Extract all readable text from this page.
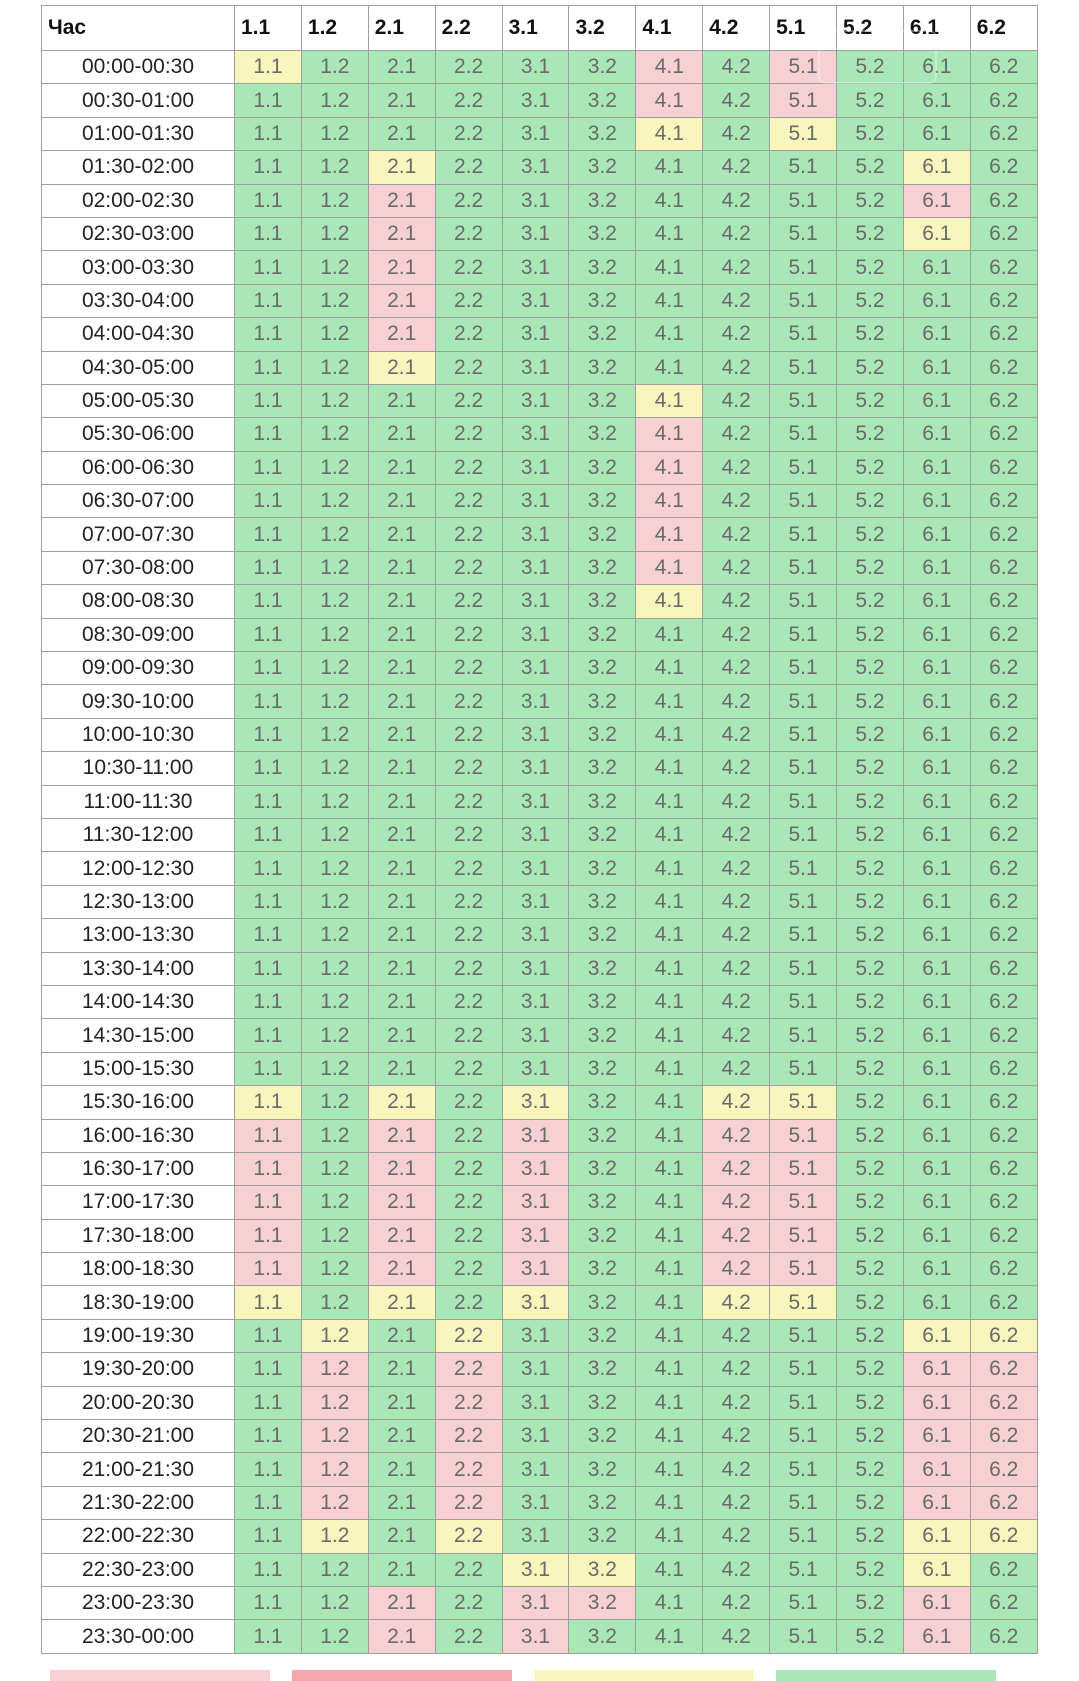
Час	1.1	1.2	2.1	2.2	3.1	3.2	4.1	4.2	5.1	5.2	6.1	6.2
00:00-00:30	1.1	1.2	2.1	2.2	3.1	3.2	4.1	4.2	5.1	5.2	6.1	6.2
00:30-01:00	1.1	1.2	2.1	2.2	3.1	3.2	4.1	4.2	5.1	5.2	6.1	6.2
01:00-01:30	1.1	1.2	2.1	2.2	3.1	3.2	4.1	4.2	5.1	5.2	6.1	6.2
01:30-02:00	1.1	1.2	2.1	2.2	3.1	3.2	4.1	4.2	5.1	5.2	6.1	6.2
02:00-02:30	1.1	1.2	2.1	2.2	3.1	3.2	4.1	4.2	5.1	5.2	6.1	6.2
02:30-03:00	1.1	1.2	2.1	2.2	3.1	3.2	4.1	4.2	5.1	5.2	6.1	6.2
03:00-03:30	1.1	1.2	2.1	2.2	3.1	3.2	4.1	4.2	5.1	5.2	6.1	6.2
03:30-04:00	1.1	1.2	2.1	2.2	3.1	3.2	4.1	4.2	5.1	5.2	6.1	6.2
04:00-04:30	1.1	1.2	2.1	2.2	3.1	3.2	4.1	4.2	5.1	5.2	6.1	6.2
04:30-05:00	1.1	1.2	2.1	2.2	3.1	3.2	4.1	4.2	5.1	5.2	6.1	6.2
05:00-05:30	1.1	1.2	2.1	2.2	3.1	3.2	4.1	4.2	5.1	5.2	6.1	6.2
05:30-06:00	1.1	1.2	2.1	2.2	3.1	3.2	4.1	4.2	5.1	5.2	6.1	6.2
06:00-06:30	1.1	1.2	2.1	2.2	3.1	3.2	4.1	4.2	5.1	5.2	6.1	6.2
06:30-07:00	1.1	1.2	2.1	2.2	3.1	3.2	4.1	4.2	5.1	5.2	6.1	6.2
07:00-07:30	1.1	1.2	2.1	2.2	3.1	3.2	4.1	4.2	5.1	5.2	6.1	6.2
07:30-08:00	1.1	1.2	2.1	2.2	3.1	3.2	4.1	4.2	5.1	5.2	6.1	6.2
08:00-08:30	1.1	1.2	2.1	2.2	3.1	3.2	4.1	4.2	5.1	5.2	6.1	6.2
08:30-09:00	1.1	1.2	2.1	2.2	3.1	3.2	4.1	4.2	5.1	5.2	6.1	6.2
09:00-09:30	1.1	1.2	2.1	2.2	3.1	3.2	4.1	4.2	5.1	5.2	6.1	6.2
09:30-10:00	1.1	1.2	2.1	2.2	3.1	3.2	4.1	4.2	5.1	5.2	6.1	6.2
10:00-10:30	1.1	1.2	2.1	2.2	3.1	3.2	4.1	4.2	5.1	5.2	6.1	6.2
10:30-11:00	1.1	1.2	2.1	2.2	3.1	3.2	4.1	4.2	5.1	5.2	6.1	6.2
11:00-11:30	1.1	1.2	2.1	2.2	3.1	3.2	4.1	4.2	5.1	5.2	6.1	6.2
11:30-12:00	1.1	1.2	2.1	2.2	3.1	3.2	4.1	4.2	5.1	5.2	6.1	6.2
12:00-12:30	1.1	1.2	2.1	2.2	3.1	3.2	4.1	4.2	5.1	5.2	6.1	6.2
12:30-13:00	1.1	1.2	2.1	2.2	3.1	3.2	4.1	4.2	5.1	5.2	6.1	6.2
13:00-13:30	1.1	1.2	2.1	2.2	3.1	3.2	4.1	4.2	5.1	5.2	6.1	6.2
13:30-14:00	1.1	1.2	2.1	2.2	3.1	3.2	4.1	4.2	5.1	5.2	6.1	6.2
14:00-14:30	1.1	1.2	2.1	2.2	3.1	3.2	4.1	4.2	5.1	5.2	6.1	6.2
14:30-15:00	1.1	1.2	2.1	2.2	3.1	3.2	4.1	4.2	5.1	5.2	6.1	6.2
15:00-15:30	1.1	1.2	2.1	2.2	3.1	3.2	4.1	4.2	5.1	5.2	6.1	6.2
15:30-16:00	1.1	1.2	2.1	2.2	3.1	3.2	4.1	4.2	5.1	5.2	6.1	6.2
16:00-16:30	1.1	1.2	2.1	2.2	3.1	3.2	4.1	4.2	5.1	5.2	6.1	6.2
16:30-17:00	1.1	1.2	2.1	2.2	3.1	3.2	4.1	4.2	5.1	5.2	6.1	6.2
17:00-17:30	1.1	1.2	2.1	2.2	3.1	3.2	4.1	4.2	5.1	5.2	6.1	6.2
17:30-18:00	1.1	1.2	2.1	2.2	3.1	3.2	4.1	4.2	5.1	5.2	6.1	6.2
18:00-18:30	1.1	1.2	2.1	2.2	3.1	3.2	4.1	4.2	5.1	5.2	6.1	6.2
18:30-19:00	1.1	1.2	2.1	2.2	3.1	3.2	4.1	4.2	5.1	5.2	6.1	6.2
19:00-19:30	1.1	1.2	2.1	2.2	3.1	3.2	4.1	4.2	5.1	5.2	6.1	6.2
19:30-20:00	1.1	1.2	2.1	2.2	3.1	3.2	4.1	4.2	5.1	5.2	6.1	6.2
20:00-20:30	1.1	1.2	2.1	2.2	3.1	3.2	4.1	4.2	5.1	5.2	6.1	6.2
20:30-21:00	1.1	1.2	2.1	2.2	3.1	3.2	4.1	4.2	5.1	5.2	6.1	6.2
21:00-21:30	1.1	1.2	2.1	2.2	3.1	3.2	4.1	4.2	5.1	5.2	6.1	6.2
21:30-22:00	1.1	1.2	2.1	2.2	3.1	3.2	4.1	4.2	5.1	5.2	6.1	6.2
22:00-22:30	1.1	1.2	2.1	2.2	3.1	3.2	4.1	4.2	5.1	5.2	6.1	6.2
22:30-23:00	1.1	1.2	2.1	2.2	3.1	3.2	4.1	4.2	5.1	5.2	6.1	6.2
23:00-23:30	1.1	1.2	2.1	2.2	3.1	3.2	4.1	4.2	5.1	5.2	6.1	6.2
23:30-00:00	1.1	1.2	2.1	2.2	3.1	3.2	4.1	4.2	5.1	5.2	6.1	6.2
